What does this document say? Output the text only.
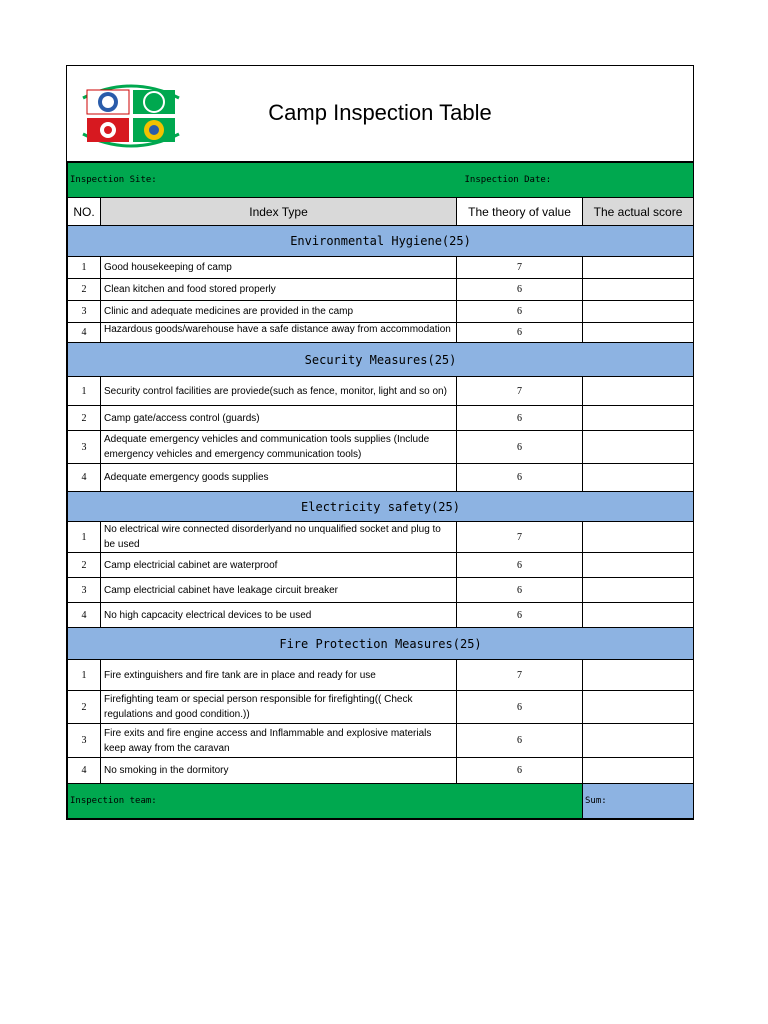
Camp Inspection Table
Inspection Site:		Inspection Date:	
NO.	Index Type	The theory of value	The actual score
Environmental Hygiene(25)			
1	Good housekeeping of camp	7	
2	Clean kitchen and food stored properly	6	
3	Clinic and adequate medicines are provided in the camp	6	
4	Hazardous goods/warehouse have a safe distance away from accommodation	6	
Security Measures(25)			
1	Security control facilities are proviede(such as fence, monitor, light and so on)	7	
2	Camp gate/access control (guards)	6	
3	Adequate emergency vehicles and communication tools supplies (Include emergency vehicles and emergency communication tools)	6	
4	Adequate emergency goods supplies	6	
Electricity safety(25)			
1	No electrical wire connected disorderlyand no unqualified socket and plug to be used	7	
2	Camp electricial cabinet are waterproof	6	
3	Camp electricial cabinet have leakage circuit breaker	6	
4	No high capcacity electrical devices to be used	6	
Fire Protection Measures(25)			
1	Fire extinguishers and fire tank are in place and ready for use	7	
2	Firefighting team or special person responsible for firefighting(( Check regulations and good condition.))	6	
3	Fire exits and fire engine access and Inflammable and explosive materials keep away from the caravan	6	
4	No smoking in the dormitory	6	
Inspection team:			Sum:
